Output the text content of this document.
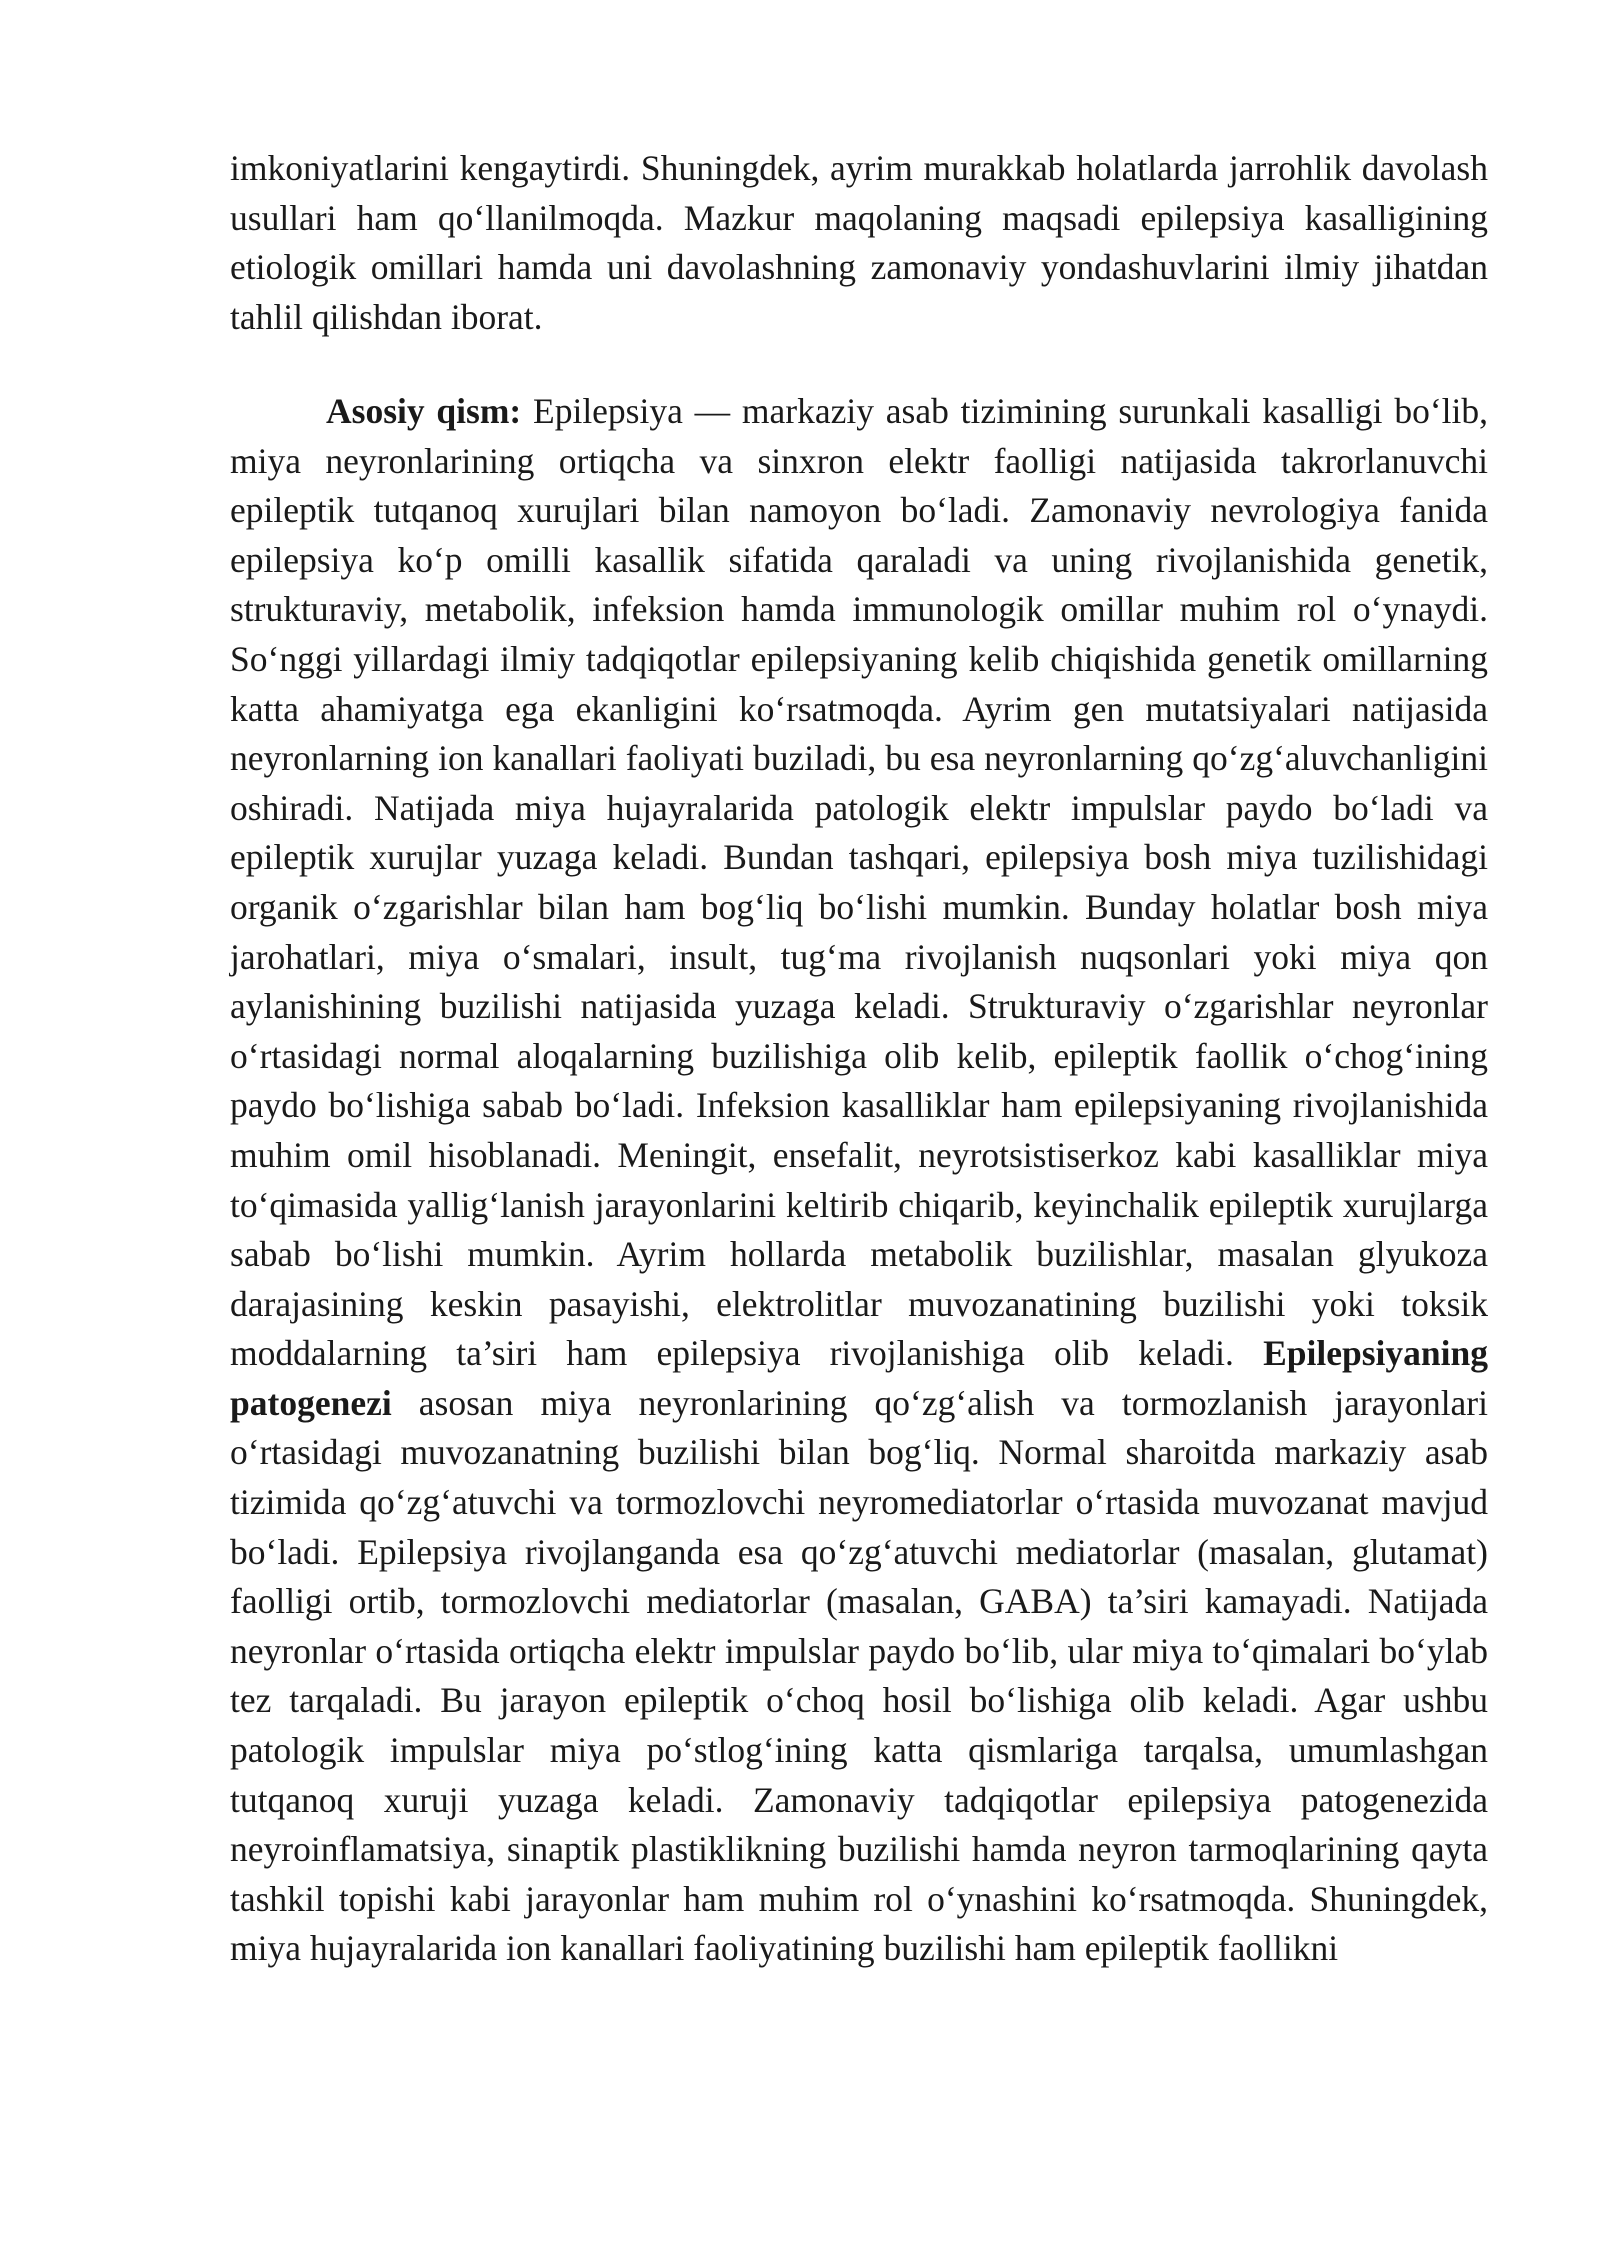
imkoniyatlarini kengaytirdi. Shuningdek, ayrim murakkab holatlarda jarrohlik davolash usullari ham qo‘llanilmoqda. Mazkur maqolaning maqsadi epilepsiya kasalligining etiologik omillari hamda uni davolashning zamonaviy yondashuvlarini ilmiy jihatdan tahlil qilishdan iborat.

Asosiy qism: Epilepsiya — markaziy asab tizimining surunkali kasalligi bo‘lib, miya neyronlarining ortiqcha va sinxron elektr faolligi natijasida takrorlanuvchi epileptik tutqanoq xurujlari bilan namoyon bo‘ladi. Zamonaviy nevrologiya fanida epilepsiya ko‘p omilli kasallik sifatida qaraladi va uning rivojlanishida genetik, strukturaviy, metabolik, infeksion hamda immunologik omillar muhim rol o‘ynaydi. So‘nggi yillardagi ilmiy tadqiqotlar epilepsiyaning kelib chiqishida genetik omillarning katta ahamiyatga ega ekanligini ko‘rsatmoqda. Ayrim gen mutatsiyalari natijasida neyronlarning ion kanallari faoliyati buziladi, bu esa neyronlarning qo‘zg‘aluvchanligini oshiradi. Natijada miya hujayralarida patologik elektr impulslar paydo bo‘ladi va epileptik xurujlar yuzaga keladi. Bundan tashqari, epilepsiya bosh miya tuzilishidagi organik o‘zgarishlar bilan ham bog‘liq bo‘lishi mumkin. Bunday holatlar bosh miya jarohatlari, miya o‘smalari, insult, tug‘ma rivojlanish nuqsonlari yoki miya qon aylanishining buzilishi natijasida yuzaga keladi. Strukturaviy o‘zgarishlar neyronlar o‘rtasidagi normal aloqalarning buzilishiga olib kelib, epileptik faollik o‘chog‘ining paydo bo‘lishiga sabab bo‘ladi. Infeksion kasalliklar ham epilepsiyaning rivojlanishida muhim omil hisoblanadi. Meningit, ensefalit, neyrotsistiserkoz kabi kasalliklar miya to‘qimasida yallig‘lanish jarayonlarini keltirib chiqarib, keyinchalik epileptik xurujlarga sabab bo‘lishi mumkin. Ayrim hollarda metabolik buzilishlar, masalan glyukoza darajasining keskin pasayishi, elektrolitlar muvozanatining buzilishi yoki toksik moddalarning ta’siri ham epilepsiya rivojlanishiga olib keladi. Epilepsiyaning patogenezi asosan miya neyronlarining qo‘zg‘alish va tormozlanish jarayonlari o‘rtasidagi muvozanatning buzilishi bilan bog‘liq. Normal sharoitda markaziy asab tizimida qo‘zg‘atuvchi va tormozlovchi neyromediatorlar o‘rtasida muvozanat mavjud bo‘ladi. Epilepsiya rivojlanganda esa qo‘zg‘atuvchi mediatorlar (masalan, glutamat) faolligi ortib, tormozlovchi mediatorlar (masalan, GABA) ta’siri kamayadi. Natijada neyronlar o‘rtasida ortiqcha elektr impulslar paydo bo‘lib, ular miya to‘qimalari bo‘ylab tez tarqaladi. Bu jarayon epileptik o‘choq hosil bo‘lishiga olib keladi. Agar ushbu patologik impulslar miya po‘stlog‘ining katta qismlariga tarqalsa, umumlashgan tutqanoq xuruji yuzaga keladi. Zamonaviy tadqiqotlar epilepsiya patogenezida neyroinflamatsiya, sinaptik plastiklikning buzilishi hamda neyron tarmoqlarining qayta tashkil topishi kabi jarayonlar ham muhim rol o‘ynashini ko‘rsatmoqda. Shuningdek, miya hujayralarida ion kanallari faoliyatining buzilishi ham epileptik faollikni
